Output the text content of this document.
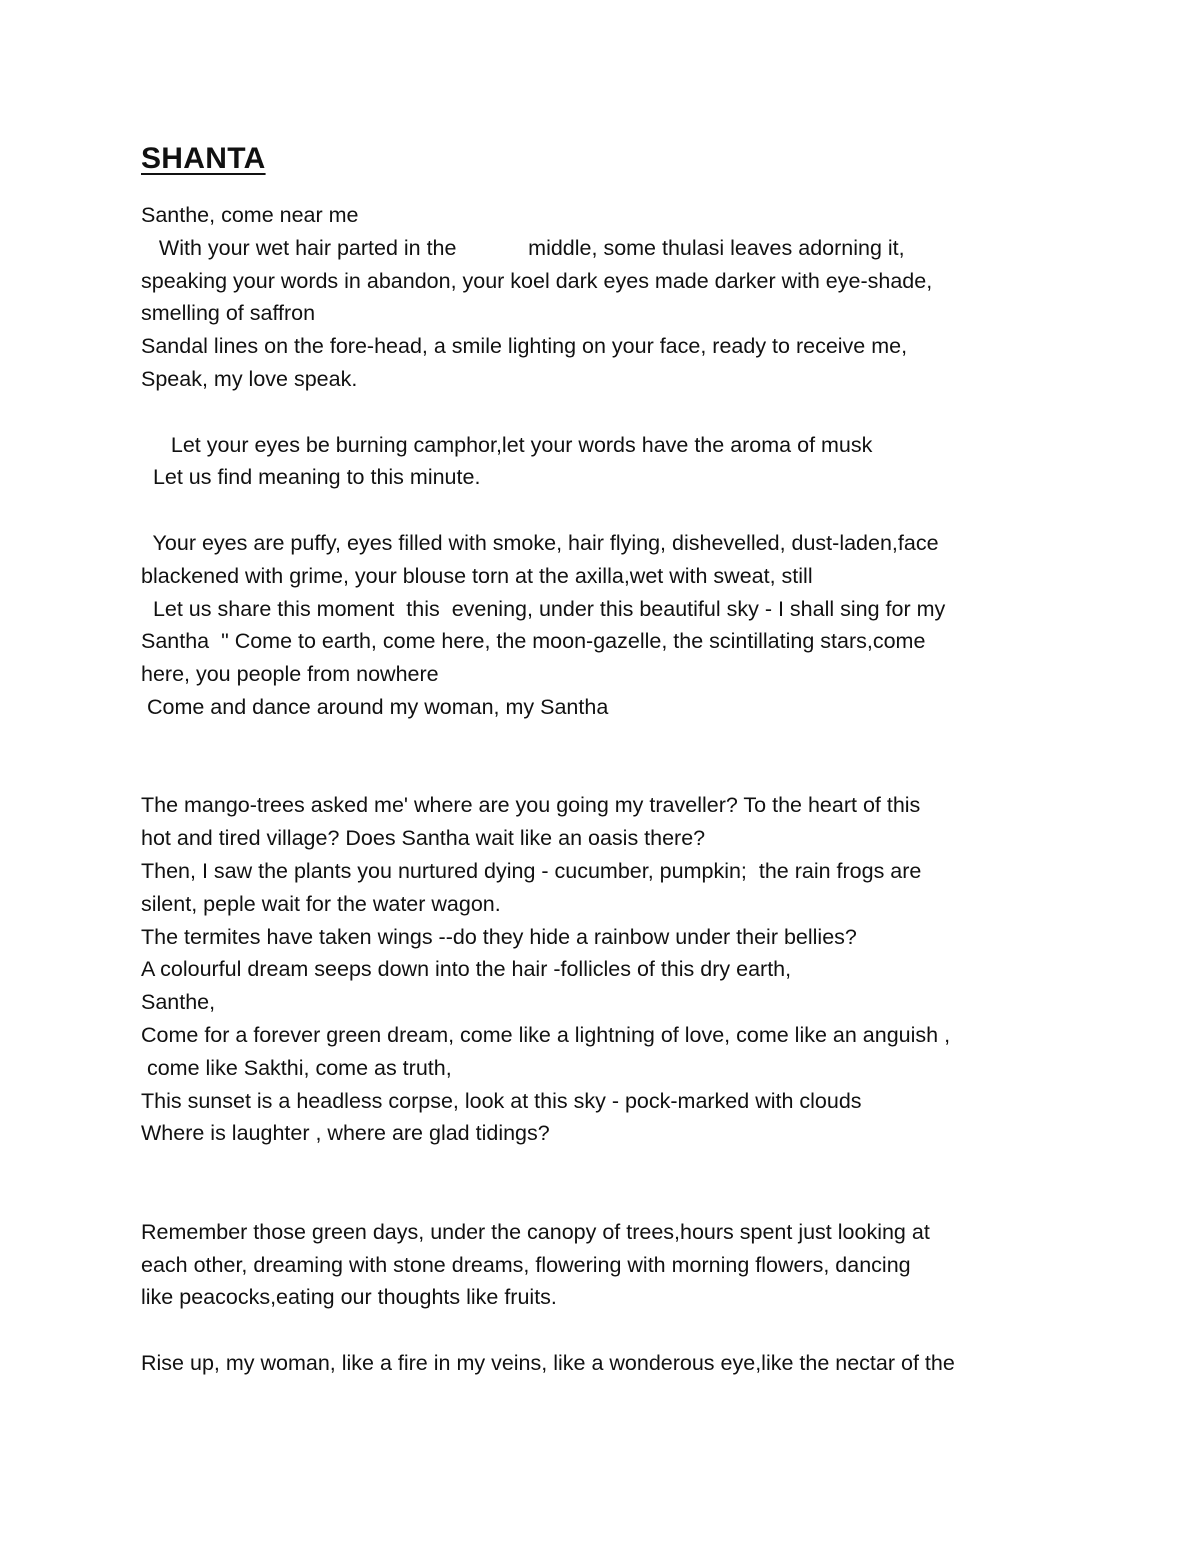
SHANTA

Santhe, come near me

With your wet hair parted in the            middle, some thulasi leaves adorning it,

speaking your words in abandon, your koel dark eyes made darker with eye-shade,

smelling of saffron

Sandal lines on the fore-head, a smile lighting on your face, ready to receive me,

Speak, my love speak.

Let your eyes be burning camphor,let your words have the aroma of musk

Let us find meaning to this minute.

Your eyes are puffy, eyes filled with smoke, hair flying, dishevelled, dust-laden,face

blackened with grime, your blouse torn at the axilla,wet with sweat, still

Let us share this moment  this  evening, under this beautiful sky - I shall sing for my

Santha  " Come to earth, come here, the moon-gazelle, the scintillating stars,come

here, you people from nowhere

Come and dance around my woman, my Santha

The mango-trees asked me' where are you going my traveller? To the heart of this

hot and tired village? Does Santha wait like an oasis there?

Then, I saw the plants you nurtured dying - cucumber, pumpkin;  the rain frogs are

silent, peple wait for the water wagon.

The termites have taken wings --do they hide a rainbow under their bellies?

A colourful dream seeps down into the hair -follicles of this dry earth,

Santhe,

Come for a forever green dream, come like a lightning of love, come like an anguish ,

come like Sakthi, come as truth,

This sunset is a headless corpse, look at this sky - pock-marked with clouds

Where is laughter , where are glad tidings?

Remember those green days, under the canopy of trees,hours spent just looking at

each other, dreaming with stone dreams, flowering with morning flowers, dancing

like peacocks,eating our thoughts like fruits.

Rise up, my woman, like a fire in my veins, like a wonderous eye,like the nectar of the
